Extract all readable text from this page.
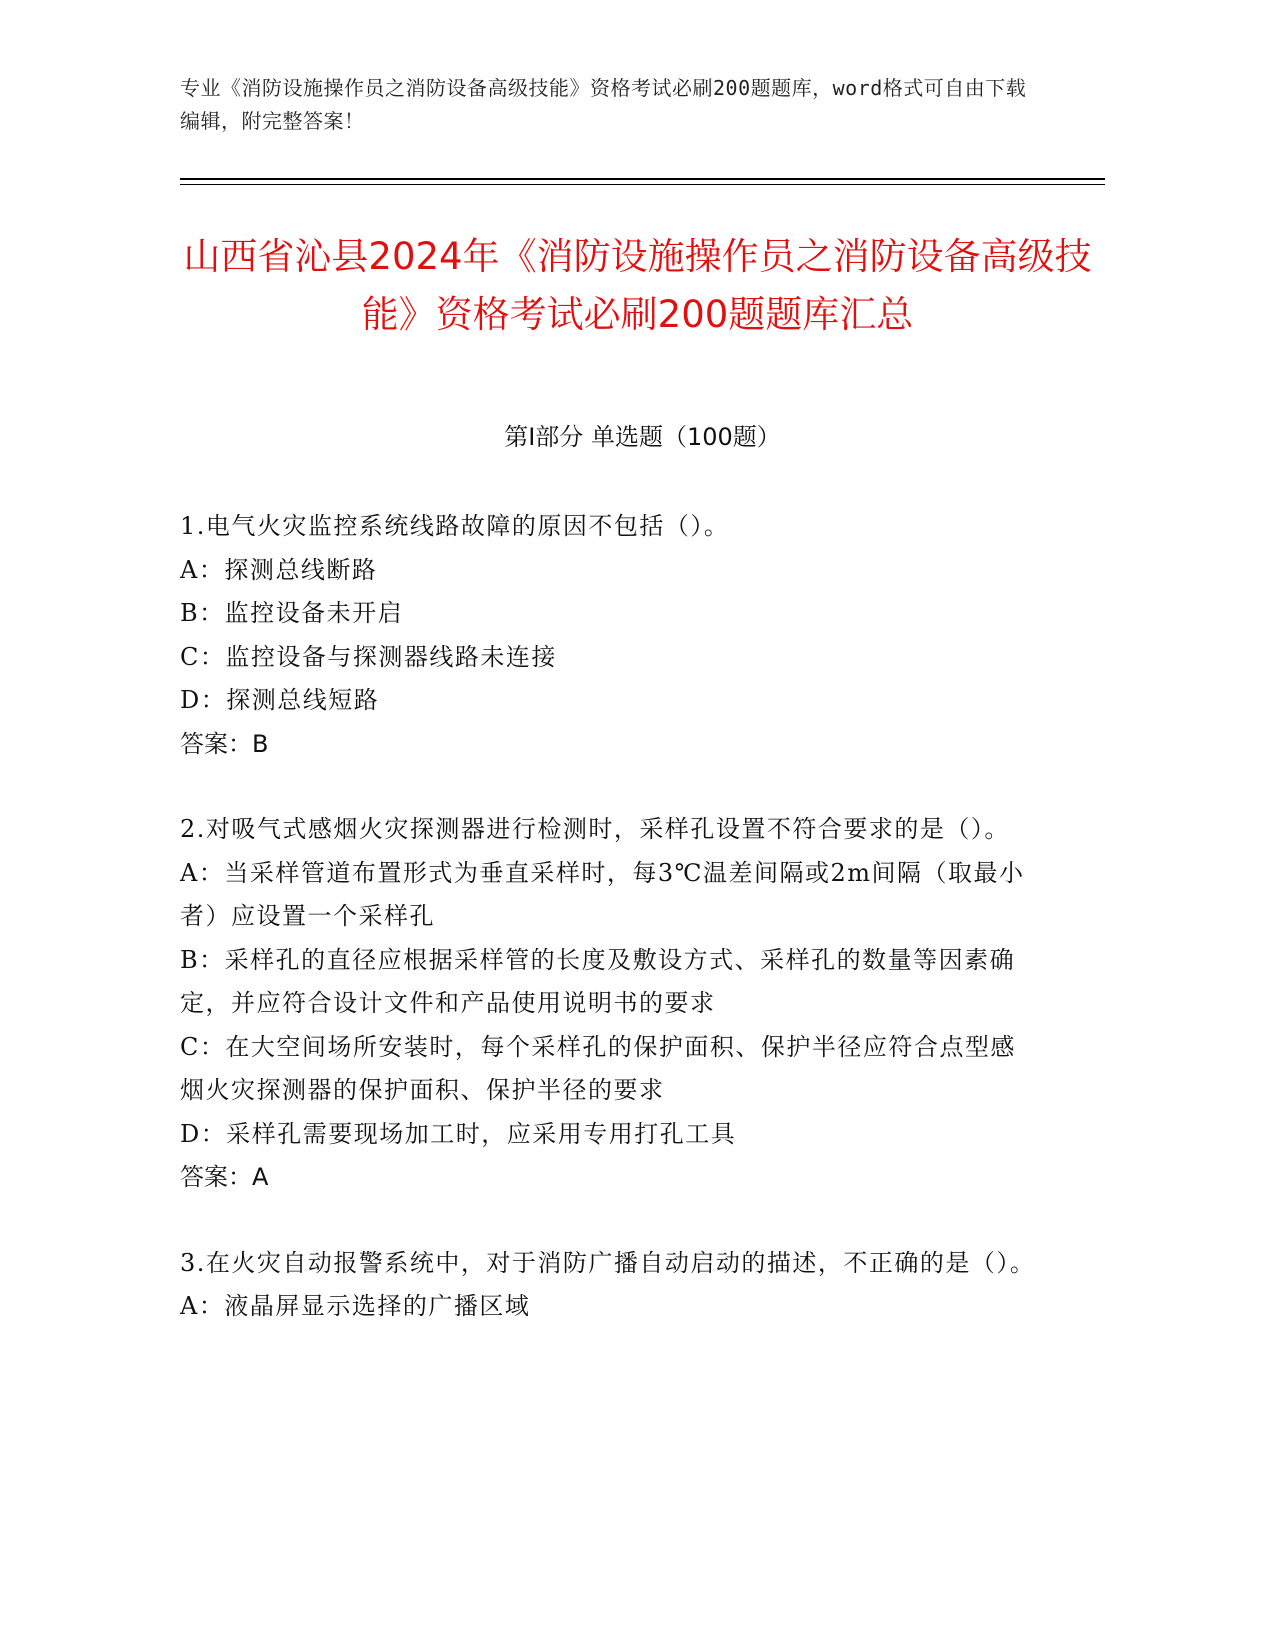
专业《消防设施操作员之消防设备高级技能》资格考试必刷200题题库，word格式可自由下载编辑，附完整答案！
山西省沁县2024年《消防设施操作员之消防设备高级技能》资格考试必刷200题题库汇总
第Ⅰ部分 单选题（100题）
1.电气火灾监控系统线路故障的原因不包括（）。
A：探测总线断路
B：监控设备未开启
C：监控设备与探测器线路未连接
D：探测总线短路
答案：B
2.对吸气式感烟火灾探测器进行检测时，采样孔设置不符合要求的是（）。
A：当采样管道布置形式为垂直采样时，每3℃温差间隔或2m间隔（取最小者）应设置一个采样孔
B：采样孔的直径应根据采样管的长度及敷设方式、采样孔的数量等因素确定，并应符合设计文件和产品使用说明书的要求
C：在大空间场所安装时，每个采样孔的保护面积、保护半径应符合点型感烟火灾探测器的保护面积、保护半径的要求
D：采样孔需要现场加工时，应采用专用打孔工具
答案：A
3.在火灾自动报警系统中，对于消防广播自动启动的描述，不正确的是（）。
A：液晶屏显示选择的广播区域
